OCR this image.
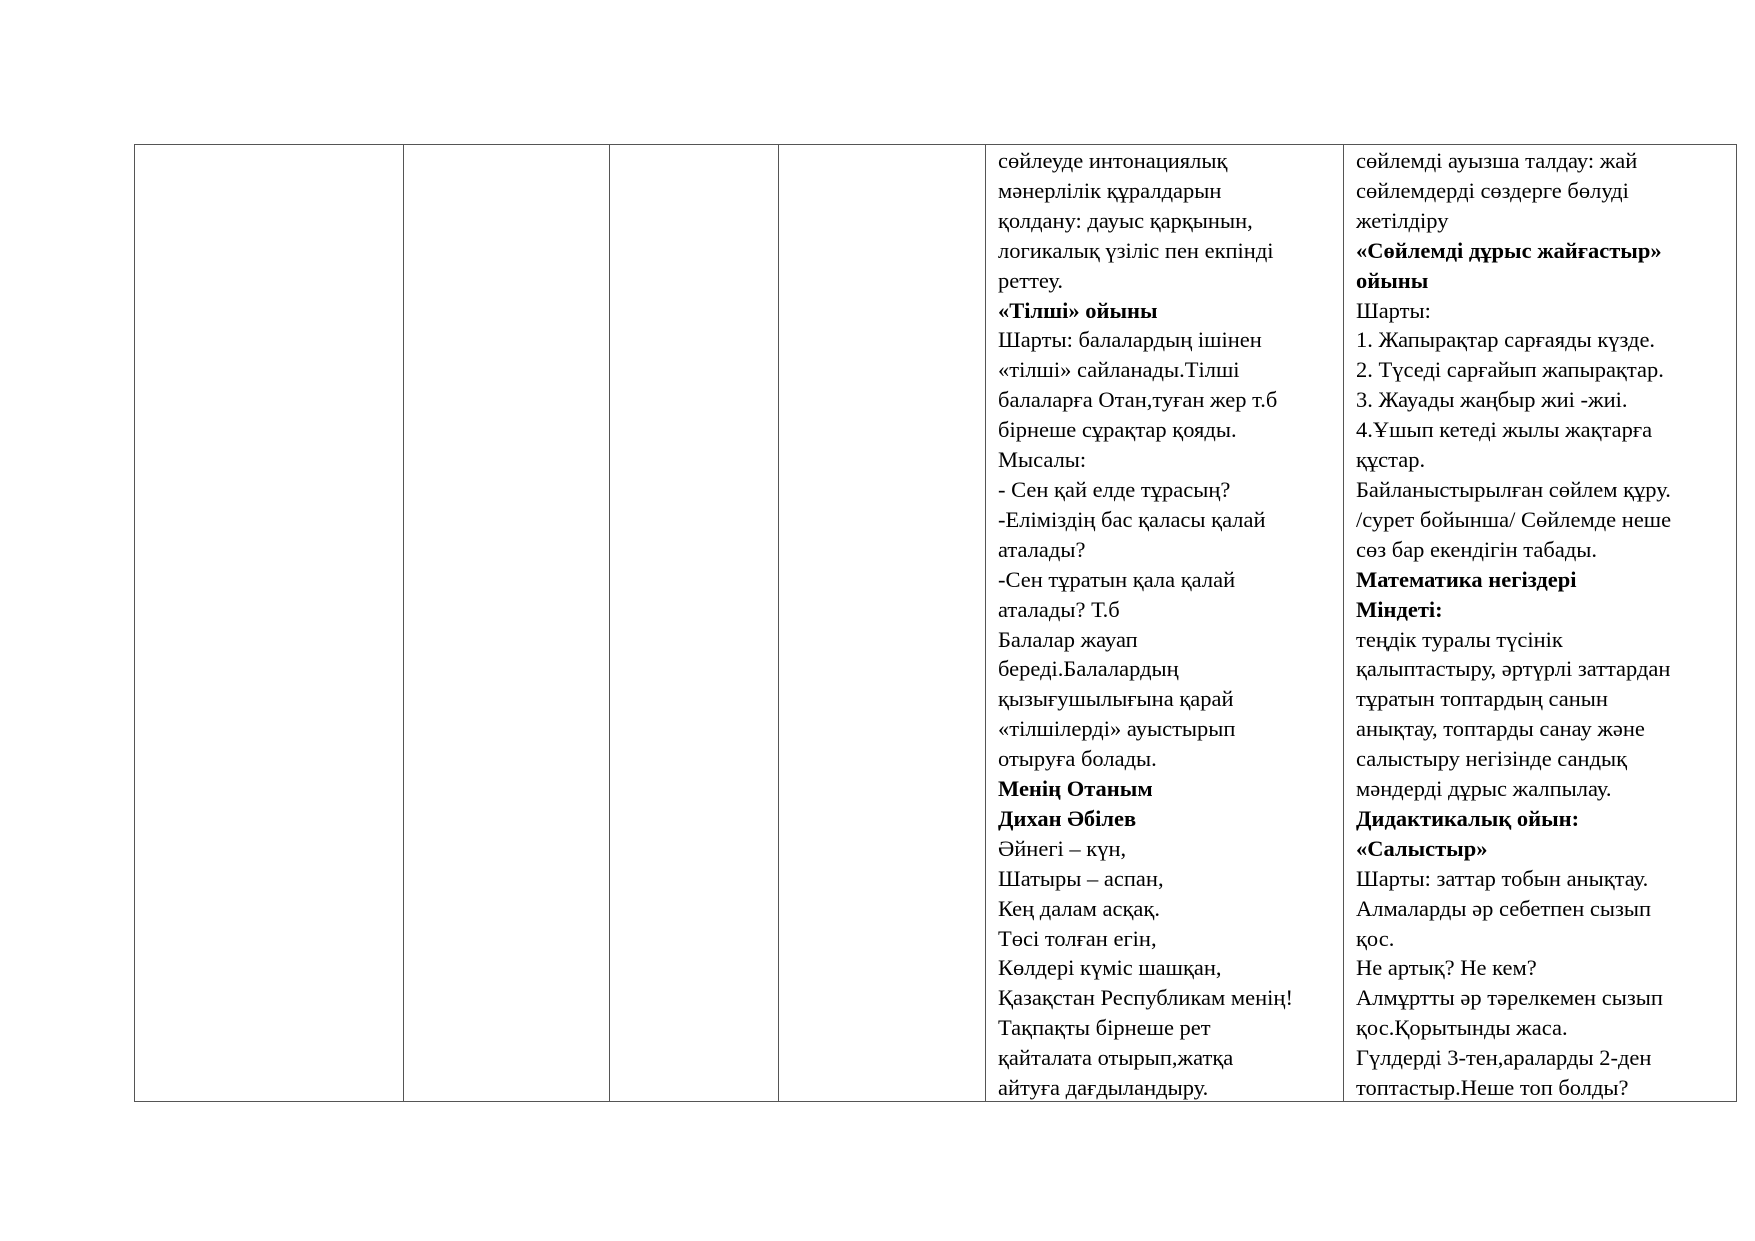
сөйлеуде интонациялық
мәнерлілік құралдарын
қолдану: дауыс қарқынын,
логикалық үзіліс пен екпінді
реттеу.
«Тілші» ойыны
Шарты: балалардың ішінен
«тілші» сайланады.Тілші
балаларға Отан,туған жер т.б
бірнеше сұрақтар қояды.
Мысалы:
- Сен қай елде тұрасың?
-Еліміздің бас қаласы қалай
аталады?
-Сен тұратын қала қалай
аталады? Т.б
Балалар жауап
береді.Балалардың
қызығушылығына қарай
«тілшілерді» ауыстырып
отыруға болады.
Менің Отаным
Дихан Әбілев
Әйнегі – күн,
Шатыры – аспан,
Кең далам асқақ.
Төсі толған егін,
Көлдері күміс шашқан,
Қазақстан Республикам менің!
Тақпақты бірнеше рет
қайталата отырып,жатқа
айтуға дағдыландыру.
сөйлемді ауызша талдау: жай
сөйлемдерді сөздерге бөлуді
жетілдіру
«Сөйлемді дұрыс жайғастыр»
ойыны
Шарты:
1. Жапырақтар сарғаяды күзде.
2. Түседі сарғайып жапырақтар.
3. Жауады жаңбыр жиі -жиі.
4.Ұшып кетеді жылы жақтарға
құстар.
Байланыстырылған сөйлем құру.
/сурет бойынша/ Сөйлемде неше
сөз бар екендігін табады.
Математика негіздері
Міндеті:
теңдік туралы түсінік
қалыптастыру, әртүрлі заттардан
тұратын топтардың санын
анықтау, топтарды санау және
салыстыру негізінде сандық
мәндерді дұрыс жалпылау.
Дидактикалық ойын:
«Салыстыр»
Шарты: заттар тобын анықтау.
Алмаларды әр себетпен сызып
қос.
Не артық? Не кем?
Алмұртты әр тәрелкемен сызып
қос.Қорытынды жаса.
Гүлдерді 3-тен,араларды 2-ден
топтастыр.Неше топ болды?
